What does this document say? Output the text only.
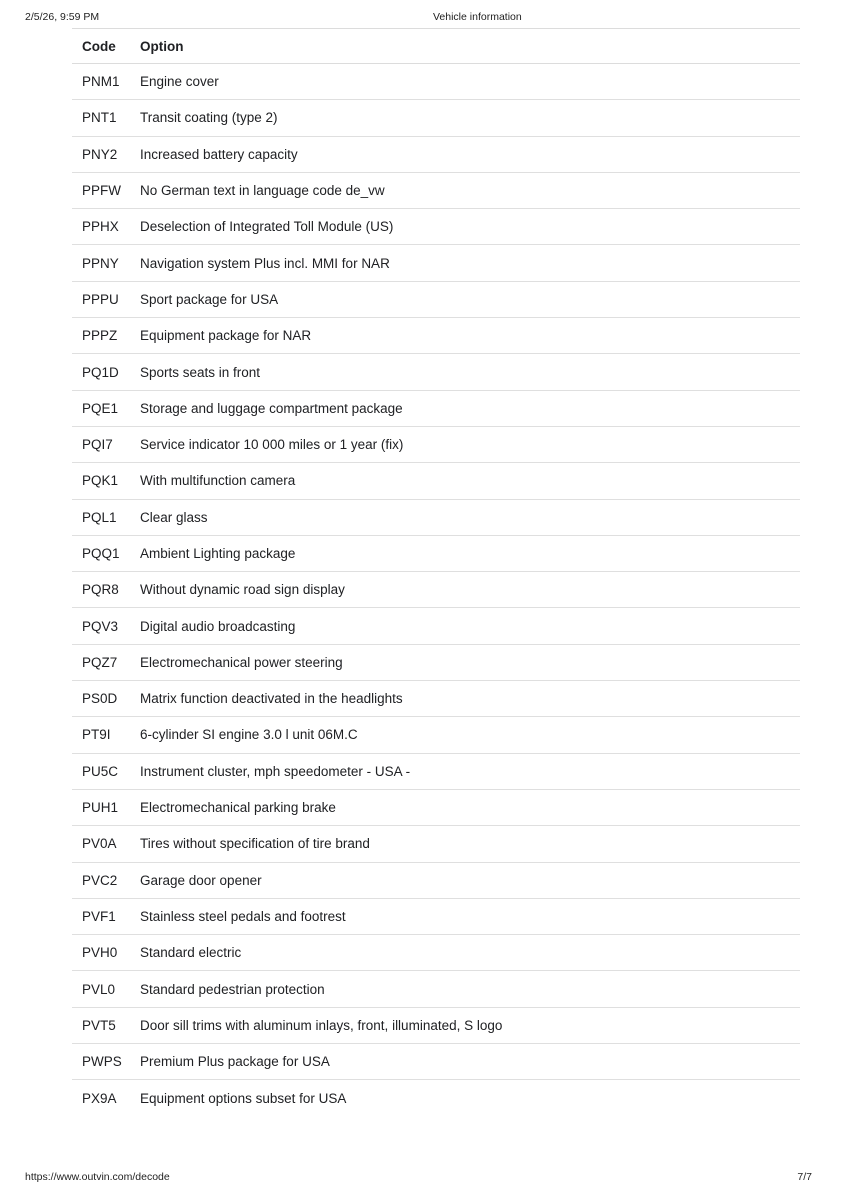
2/5/26, 9:59 PM	Vehicle information
Code	Option
PNM1	Engine cover
PNT1	Transit coating (type 2)
PNY2	Increased battery capacity
PPFW	No German text in language code de_vw
PPHX	Deselection of Integrated Toll Module (US)
PPNY	Navigation system Plus incl. MMI for NAR
PPPU	Sport package for USA
PPPZ	Equipment package for NAR
PQ1D	Sports seats in front
PQE1	Storage and luggage compartment package
PQI7	Service indicator 10 000 miles or 1 year (fix)
PQK1	With multifunction camera
PQL1	Clear glass
PQQ1	Ambient Lighting package
PQR8	Without dynamic road sign display
PQV3	Digital audio broadcasting
PQZ7	Electromechanical power steering
PS0D	Matrix function deactivated in the headlights
PT9I	6-cylinder SI engine 3.0 l unit 06M.C
PU5C	Instrument cluster, mph speedometer - USA -
PUH1	Electromechanical parking brake
PV0A	Tires without specification of tire brand
PVC2	Garage door opener
PVF1	Stainless steel pedals and footrest
PVH0	Standard electric
PVL0	Standard pedestrian protection
PVT5	Door sill trims with aluminum inlays, front, illuminated, S logo
PWPS	Premium Plus package for USA
PX9A	Equipment options subset for USA
https://www.outvin.com/decode	7/7
